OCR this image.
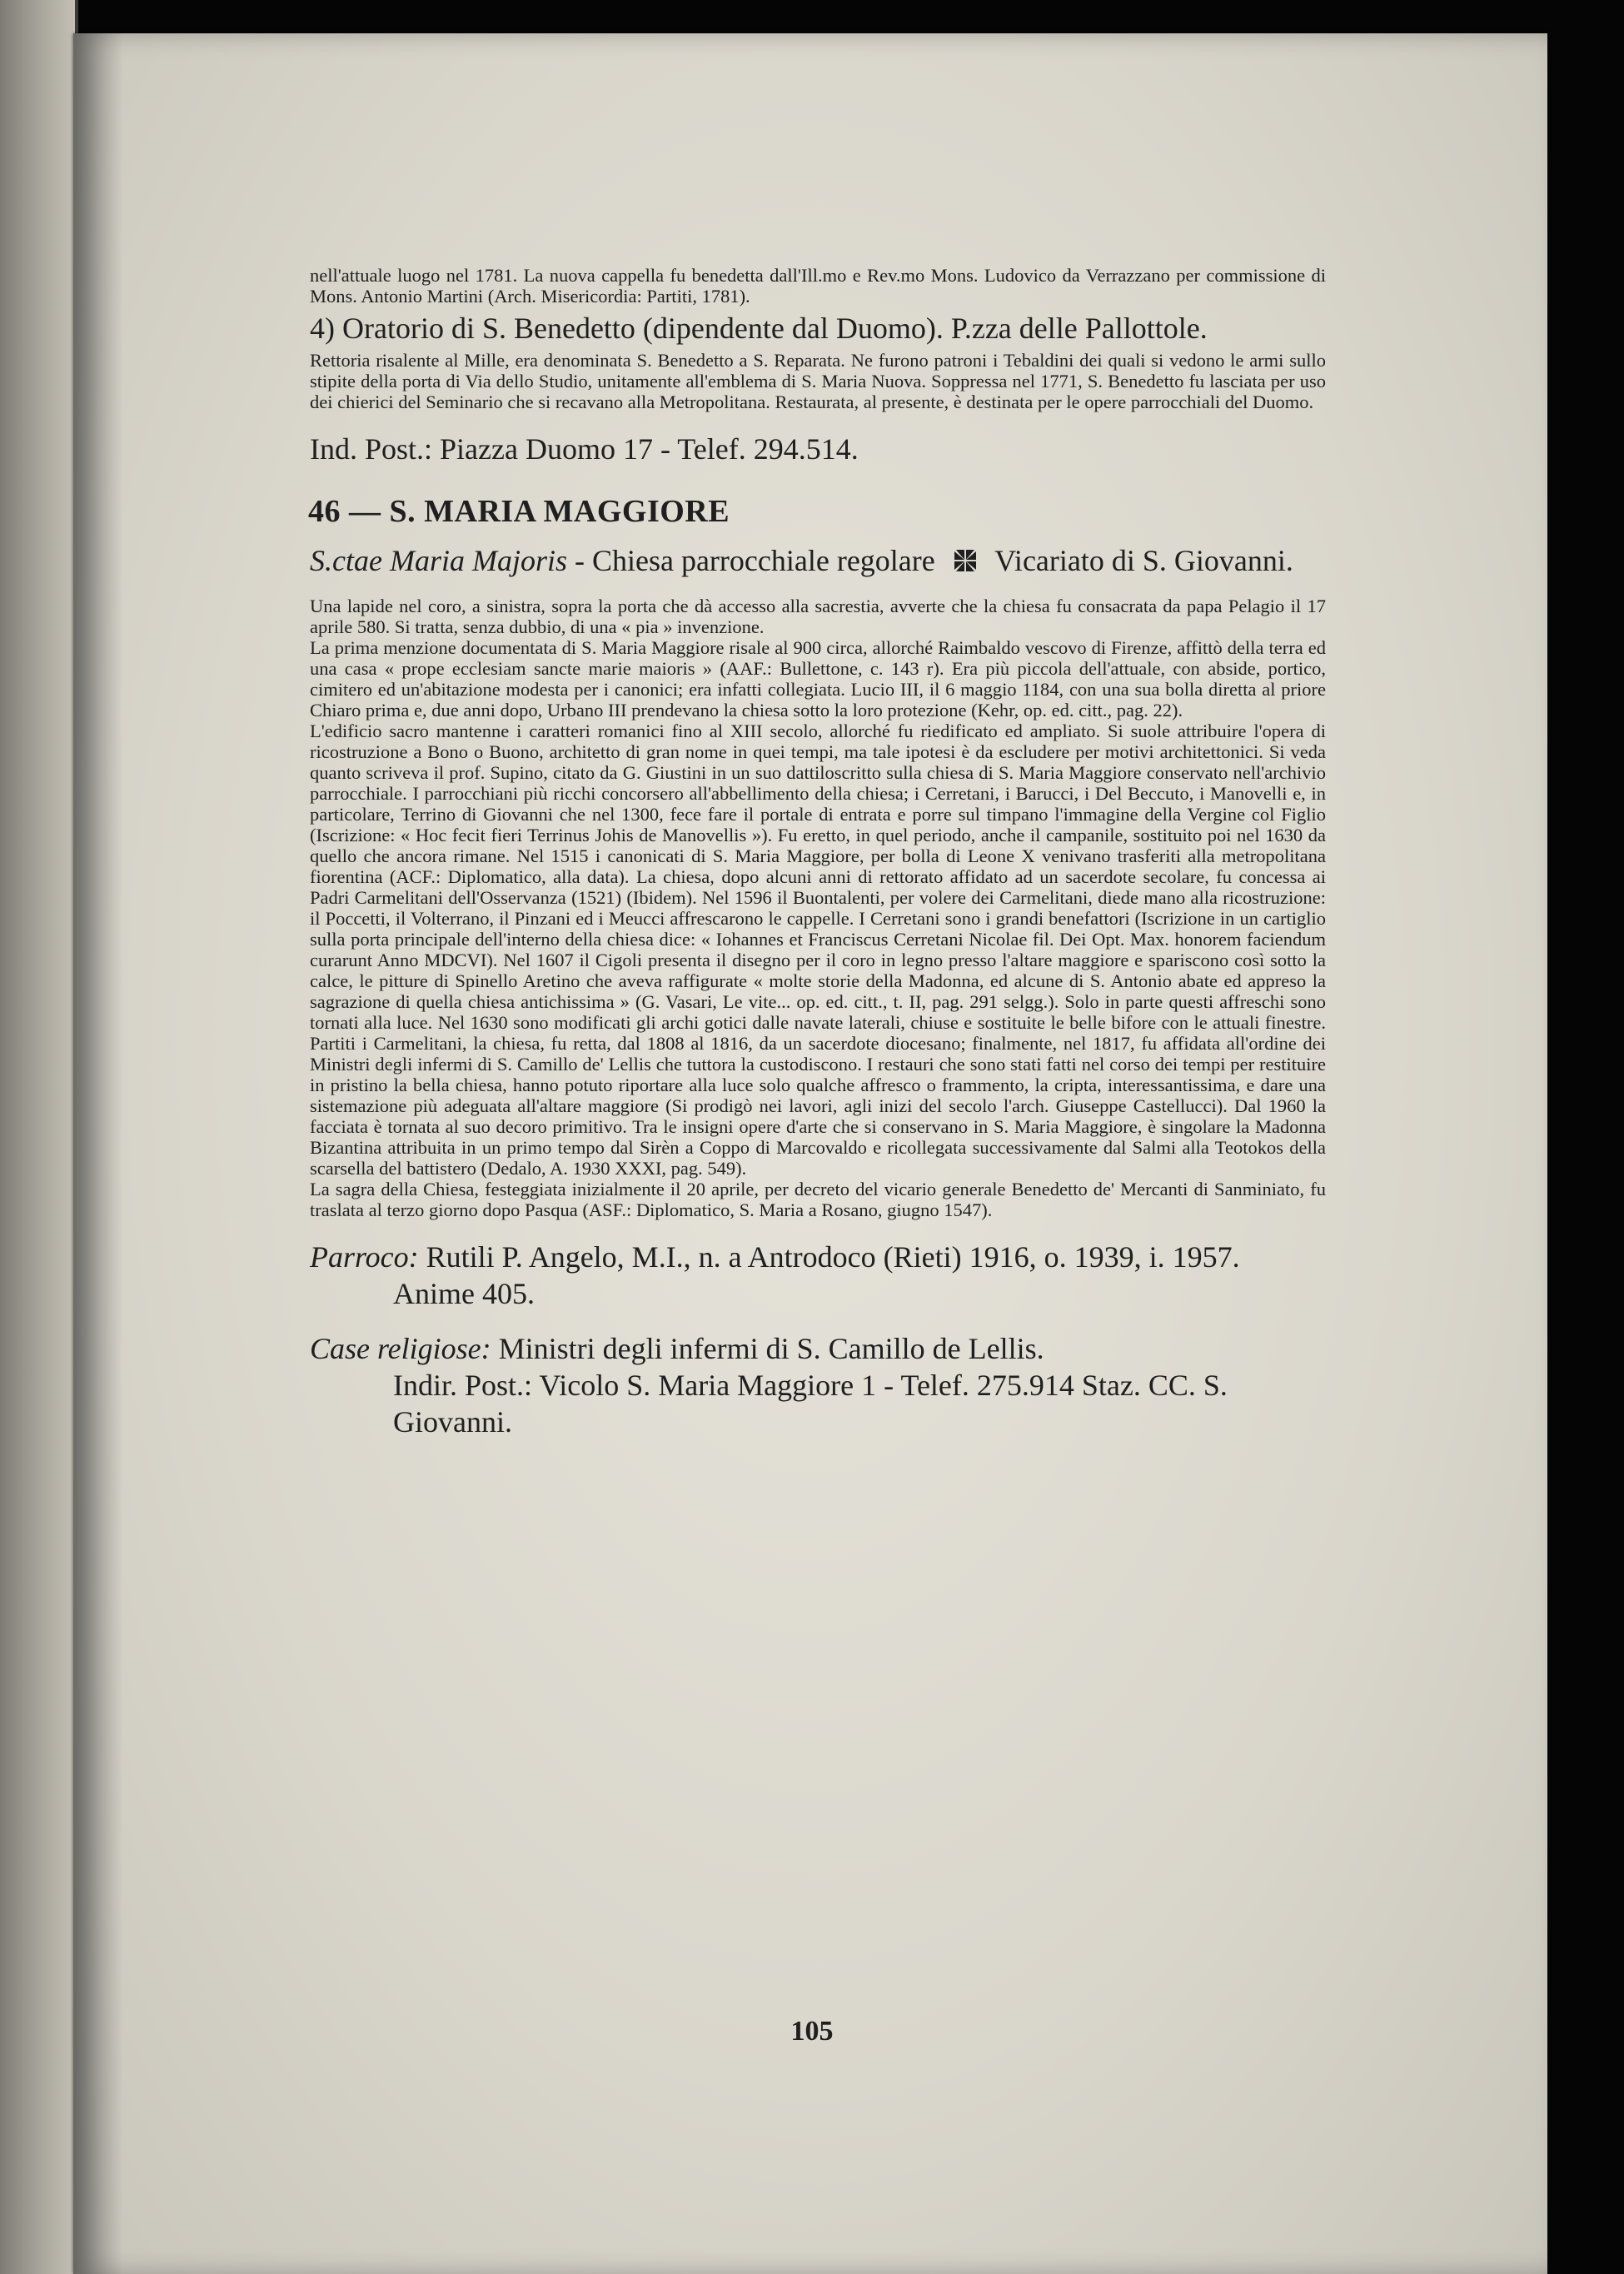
nell'attuale luogo nel 1781. La nuova cappella fu benedetta dall'Ill.mo e Rev.mo Mons. Ludovico da Verrazzano per commissione di Mons. Antonio Martini (Arch. Misericordia: Partiti, 1781).

4) Oratorio di S. Benedetto (dipendente dal Duomo). P.zza delle Pallottole.

Rettoria risalente al Mille, era denominata S. Benedetto a S. Reparata. Ne furono patroni i Tebaldini dei quali si vedono le armi sullo stipite della porta di Via dello Studio, unitamente all'emblema di S. Maria Nuova. Soppressa nel 1771, S. Benedetto fu lasciata per uso dei chierici del Seminario che si recavano alla Metropolitana. Restaurata, al presente, è destinata per le opere parrocchiali del Duomo.

Ind. Post.: Piazza Duomo 17 - Telef. 294.514.

46 — S. MARIA MAGGIORE

S.ctae Maria Majoris - Chiesa parrocchiale regolare  Vicariato di S. Giovanni.

Una lapide nel coro, a sinistra, sopra la porta che dà accesso alla sacrestia, avverte che la chiesa fu consacrata da papa Pelagio il 17 aprile 580. Si tratta, senza dubbio, di una « pia » invenzione.

La prima menzione documentata di S. Maria Maggiore risale al 900 circa, allorché Raimbaldo vescovo di Firenze, affittò della terra ed una casa « prope ecclesiam sancte marie maioris » (AAF.: Bullettone, c. 143 r). Era più piccola dell'attuale, con abside, portico, cimitero ed un'abitazione modesta per i canonici; era infatti collegiata. Lucio III, il 6 maggio 1184, con una sua bolla diretta al priore Chiaro prima e, due anni dopo, Urbano III prendevano la chiesa sotto la loro protezione (Kehr, op. ed. citt., pag. 22).

L'edificio sacro mantenne i caratteri romanici fino al XIII secolo, allorché fu riedificato ed ampliato. Si suole attribuire l'opera di ricostruzione a Bono o Buono, architetto di gran nome in quei tempi, ma tale ipotesi è da escludere per motivi architettonici. Si veda quanto scriveva il prof. Supino, citato da G. Giustini in un suo dattiloscritto sulla chiesa di S. Maria Maggiore conservato nell'archivio parrocchiale. I parrocchiani più ricchi concorsero all'abbellimento della chiesa; i Cerretani, i Barucci, i Del Beccuto, i Manovelli e, in particolare, Terrino di Giovanni che nel 1300, fece fare il portale di entrata e porre sul timpano l'immagine della Vergine col Figlio (Iscrizione: « Hoc fecit fieri Terrinus Johis de Manovellis »). Fu eretto, in quel periodo, anche il campanile, sostituito poi nel 1630 da quello che ancora rimane. Nel 1515 i canonicati di S. Maria Maggiore, per bolla di Leone X venivano trasferiti alla metropolitana fiorentina (ACF.: Diplomatico, alla data). La chiesa, dopo alcuni anni di rettorato affidato ad un sacerdote secolare, fu concessa ai Padri Carmelitani dell'Osservanza (1521) (Ibidem). Nel 1596 il Buontalenti, per volere dei Carmelitani, diede mano alla ricostruzione: il Poccetti, il Volterrano, il Pinzani ed i Meucci affrescarono le cappelle. I Cerretani sono i grandi benefattori (Iscrizione in un cartiglio sulla porta principale dell'interno della chiesa dice: « Iohannes et Franciscus Cerretani Nicolae fil. Dei Opt. Max. honorem faciendum curarunt Anno MDCVI). Nel 1607 il Cigoli presenta il disegno per il coro in legno presso l'altare maggiore e spariscono così sotto la calce, le pitture di Spinello Aretino che aveva raffigurate « molte storie della Madonna, ed alcune di S. Antonio abate ed appreso la sagrazione di quella chiesa antichissima » (G. Vasari, Le vite... op. ed. citt., t. II, pag. 291 selgg.). Solo in parte questi affreschi sono tornati alla luce. Nel 1630 sono modificati gli archi gotici dalle navate laterali, chiuse e sostituite le belle bifore con le attuali finestre. Partiti i Carmelitani, la chiesa, fu retta, dal 1808 al 1816, da un sacerdote diocesano; finalmente, nel 1817, fu affidata all'ordine dei Ministri degli infermi di S. Camillo de' Lellis che tuttora la custodiscono. I restauri che sono stati fatti nel corso dei tempi per restituire in pristino la bella chiesa, hanno potuto riportare alla luce solo qualche affresco o frammento, la cripta, interessantissima, e dare una sistemazione più adeguata all'altare maggiore (Si prodigò nei lavori, agli inizi del secolo l'arch. Giuseppe Castellucci). Dal 1960 la facciata è tornata al suo decoro primitivo. Tra le insigni opere d'arte che si conservano in S. Maria Maggiore, è singolare la Madonna Bizantina attribuita in un primo tempo dal Sirèn a Coppo di Marcovaldo e ricollegata successivamente dal Salmi alla Teotokos della scarsella del battistero (Dedalo, A. 1930 XXXI, pag. 549).

La sagra della Chiesa, festeggiata inizialmente il 20 aprile, per decreto del vicario generale Benedetto de' Mercanti di Sanminiato, fu traslata al terzo giorno dopo Pasqua (ASF.: Diplomatico, S. Maria a Rosano, giugno 1547).

Parroco: Rutili P. Angelo, M.I., n. a Antrodoco (Rieti) 1916, o. 1939, i. 1957. Anime 405.

Case religiose: Ministri degli infermi di S. Camillo de Lellis.

Indir. Post.: Vicolo S. Maria Maggiore 1 - Telef. 275.914 Staz. CC. S. Giovanni.

105
